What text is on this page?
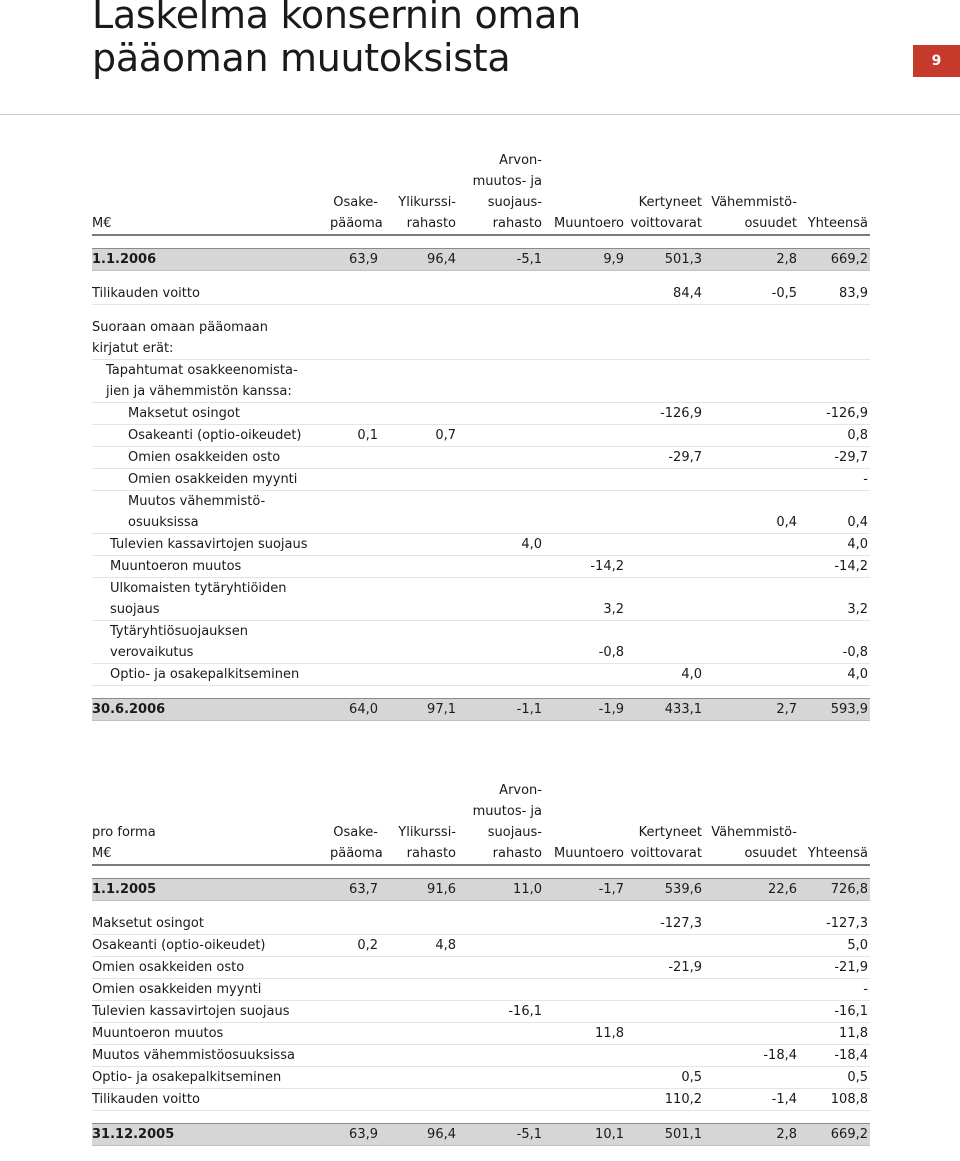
Laskelma konsernin oman
pääoman muutoksista	9
			Arvon-				
			muutos- ja				
	Osake-	Ylikurssi-	suojaus-		Kertyneet	Vähemmistö-	
M€	pääoma	rahasto	rahasto	Muuntoero	voittovarat	osuudet	Yhteensä

1.1.2006	63,9	96,4	-5,1	9,9	501,3	2,8	669,2

Tilikauden voitto					84,4	-0,5	83,9

Suoraan omaan pääomaan							
kirjatut erät:							
Tapahtumat osakkeenomista-							
jien ja vähemmistön kanssa:							
Maksetut osingot					-126,9		-126,9
Osakeanti (optio-oikeudet)	0,1	0,7					0,8
Omien osakkeiden osto					-29,7		-29,7
Omien osakkeiden myynti							-
Muutos vähemmistö-							
osuuksissa						0,4	0,4
Tulevien kassavirtojen suojaus			4,0				4,0
Muuntoeron muutos				-14,2			-14,2
Ulkomaisten tytäryhtiöiden							
suojaus				3,2			3,2
Tytäryhtiösuojauksen							
verovaikutus				-0,8			-0,8
Optio- ja osakepalkitseminen					4,0		4,0

30.6.2006	64,0	97,1	-1,1	-1,9	433,1	2,7	593,9
			Arvon-				
			muutos- ja				
pro forma	Osake-	Ylikurssi-	suojaus-		Kertyneet	Vähemmistö-	
M€	pääoma	rahasto	rahasto	Muuntoero	voittovarat	osuudet	Yhteensä

1.1.2005	63,7	91,6	11,0	-1,7	539,6	22,6	726,8

Maksetut osingot					-127,3		-127,3
Osakeanti (optio-oikeudet)	0,2	4,8					5,0
Omien osakkeiden osto					-21,9		-21,9
Omien osakkeiden myynti							-
Tulevien kassavirtojen suojaus			-16,1				-16,1
Muuntoeron muutos				11,8			11,8
Muutos vähemmistöosuuksissa						-18,4	-18,4
Optio- ja osakepalkitseminen					0,5		0,5
Tilikauden voitto					110,2	-1,4	108,8

31.12.2005	63,9	96,4	-5,1	10,1	501,1	2,8	669,2
